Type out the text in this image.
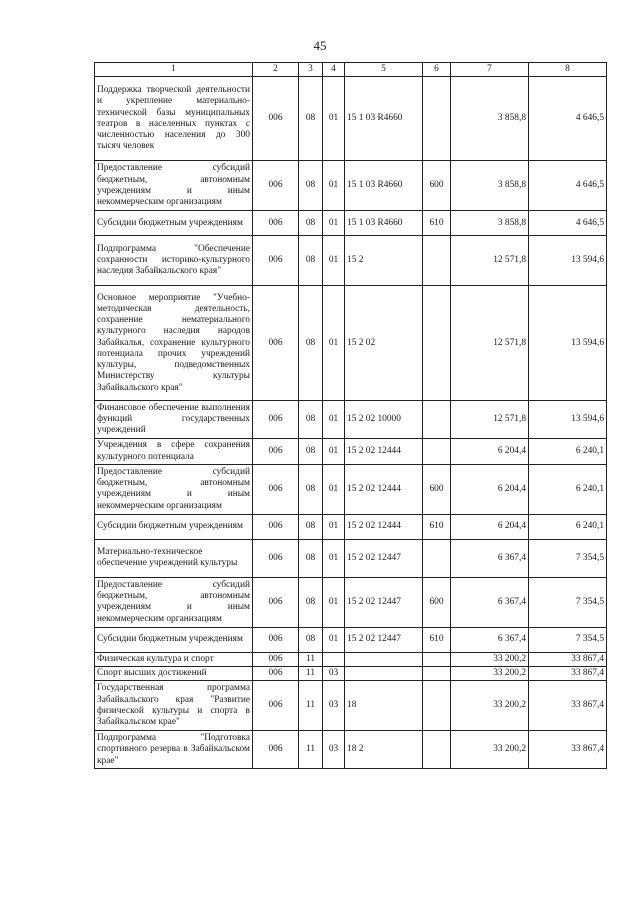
45
1	2	3	4	5	6	7	8
Поддержка творческой деятельности и укрепление материально-технической базы муниципальных театров в населенных пунктах с численностью населения до 300 тысяч человек	006	08	01	15 1 03 R4660		3 858,8	4 646,5
Предоставление субсидий бюджетным, автономным учреждениям и иным некоммерческим организациям	006	08	01	15 1 03 R4660	600	3 858,8	4 646,5
Субсидии бюджетным учреждениям	006	08	01	15 1 03 R4660	610	3 858,8	4 646,5
Подпрограмма "Обеспечение сохранности историко-культурного наследия Забайкальского края"	006	08	01	15 2		12 571,8	13 594,6
Основное мероприятие "Учебно-методическая деятельность, сохранение нематериального культурного наследия народов Забайкалья, сохранение культурного потенциала прочих учреждений культуры, подведомственных Министерству культуры Забайкальского края"	006	08	01	15 2 02		12 571,8	13 594,6
Финансовое обеспечение выполнения функций государственных учреждений	006	08	01	15 2 02 10000		12 571,8	13 594,6
Учреждения в сфере сохранения культурного потенциала	006	08	01	15 2 02 12444		6 204,4	6 240,1
Предоставление субсидий бюджетным, автономным учреждениям и иным некоммерческим организациям	006	08	01	15 2 02 12444	600	6 204,4	6 240,1
Субсидии бюджетным учреждениям	006	08	01	15 2 02 12444	610	6 204,4	6 240,1
Материально-техническое обеспечение учреждений культуры	006	08	01	15 2 02 12447		6 367,4	7 354,5
Предоставление субсидий бюджетным, автономным учреждениям и иным некоммерческим организациям	006	08	01	15 2 02 12447	600	6 367,4	7 354,5
Субсидии бюджетным учреждениям	006	08	01	15 2 02 12447	610	6 367,4	7 354,5
Физическая культура и спорт	006	11				33 200,2	33 867,4
Спорт высших достижений	006	11	03			33 200,2	33 867,4
Государственная программа Забайкальского края "Развитие физической культуры и спорта в Забайкальском крае"	006	11	03	18		33 200,2	33 867,4
Подпрограмма "Подготовка спортивного резерва в Забайкальском крае"	006	11	03	18 2		33 200,2	33 867,4
